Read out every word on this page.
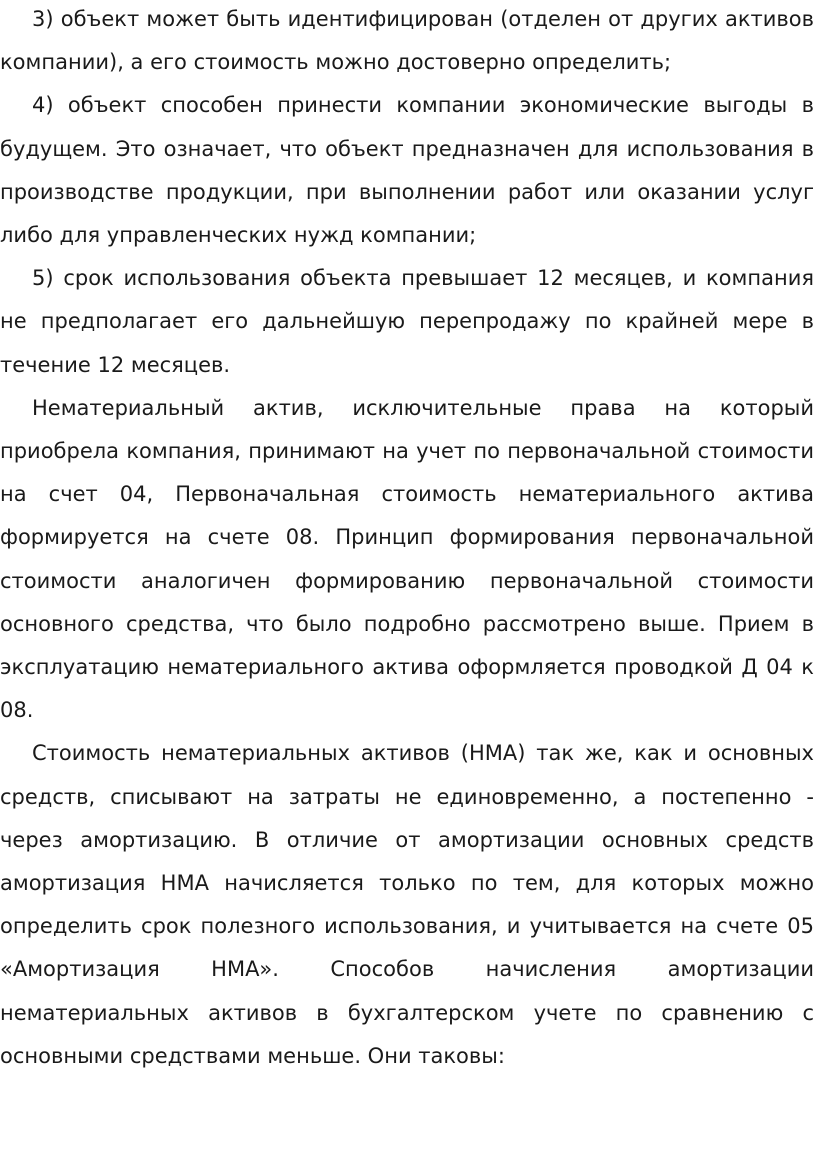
3) объект может быть идентифицирован (отделен от других активов компании), а его стоимость можно достоверно определить;

4) объект способен принести компании экономические выгоды в будущем. Это означает, что объект предназначен для использования в производстве продукции, при выполнении работ или оказании услуг либо для управленческих нужд компании;

5) срок использования объекта превышает 12 месяцев, и компания не предполагает его дальнейшую перепродажу по крайней мере в течение 12 месяцев.

Нематериальный актив, исключительные права на который приобрела компания, принимают на учет по первоначальной стоимости на счет 04, Первоначальная стоимость нематериального актива формируется на счете 08. Принцип формирования первоначальной стоимости аналогичен формированию первоначальной стоимости основного средства, что было подробно рассмотрено выше. Прием в эксплуатацию нематериального актива оформляется проводкой Д 04 к 08.

Стоимость нематериальных активов (НМА) так же, как и основных средств, списывают на затраты не единовременно, а постепенно - через амортизацию. В отличие от амортизации основных средств амортизация НМА начисляется только по тем, для которых можно определить срок полезного использования, и учитывается на счете 05 «Амортизация НМА». Способов начисления амортизации нематериальных активов в бухгалтерском учете по сравнению с основными средствами меньше. Они таковы:
